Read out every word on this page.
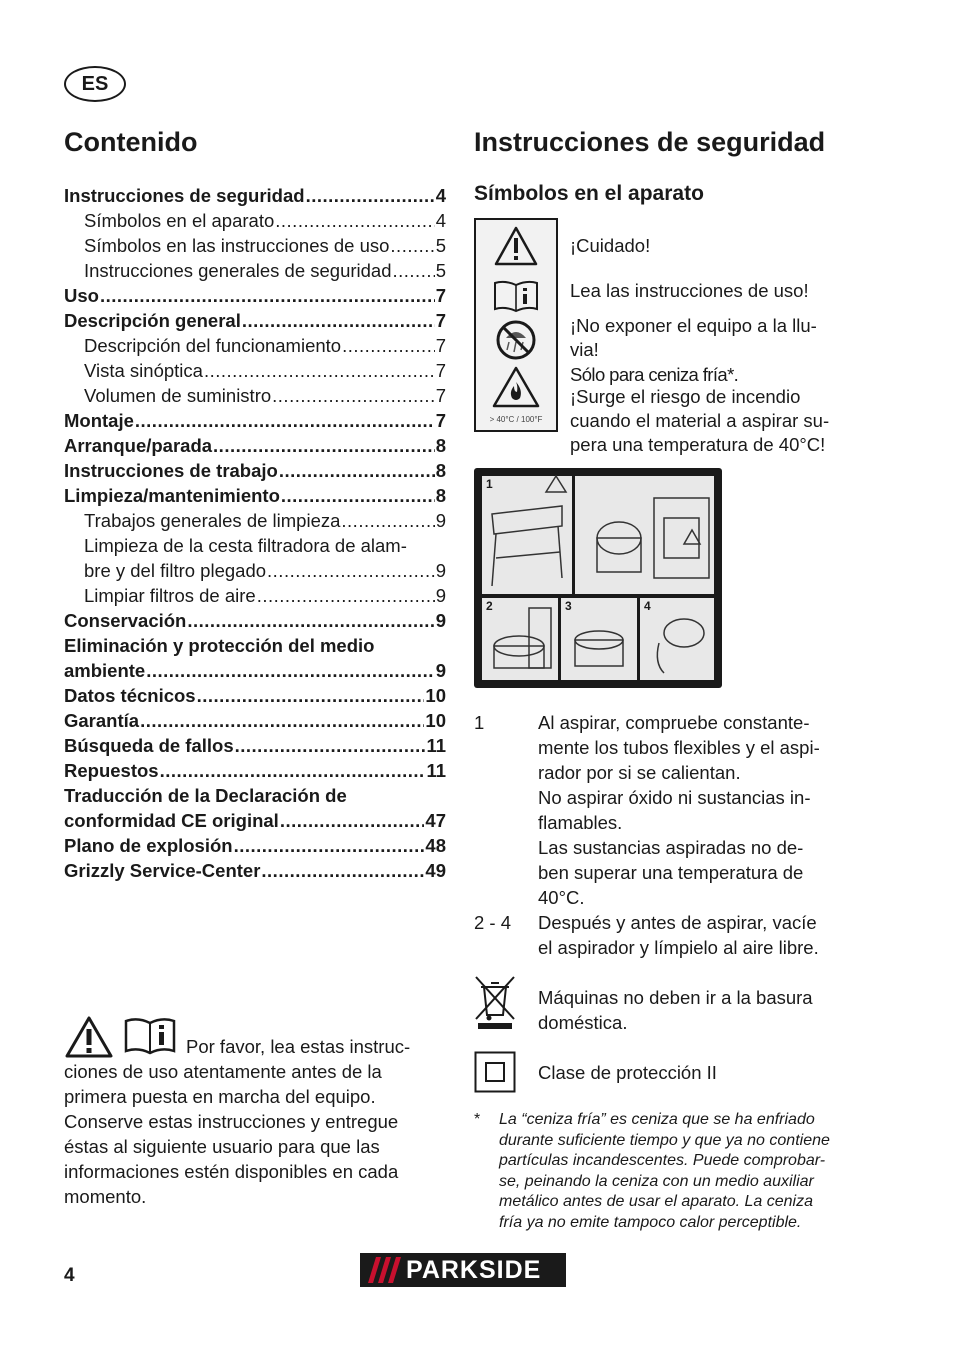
ES
Contenido
Instrucciones de seguridad .....	4
Símbolos en el aparato .....	4
Símbolos en las instrucciones de uso .....	5
Instrucciones generales de seguridad ..... 5
Uso .....	7
Descripción general .....	7
Descripción del funcionamiento .....	7
Vista sinóptica .....	7
Volumen de suministro .....	7
Montaje .....	7
Arranque/parada .....	8
Instrucciones de trabajo .....	8
Limpieza/mantenimiento .....	8
Trabajos generales de limpieza .....	9
Limpieza de la cesta filtradora de alam-
bre y del filtro plegado .....	9
Limpiar filtros de aire .....	9
Conservación .....	9
Eliminación y protección del medio
ambiente .....	9
Datos técnicos .....	10
Garantía .....	10
Búsqueda de fallos .....	11
Repuestos .....	11
Traducción de la Declaración de
conformidad CE original .....	47
Plano de explosión .....	48
Grizzly Service-Center .....	49
Por favor, lea estas instruc-
ciones de uso atentamente antes de la
primera puesta en marcha del equipo.
Conserve estas instrucciones y entregue
éstas al siguiente usuario para que las
informaciones estén disponibles en cada
momento.
Instrucciones de seguridad
Símbolos en el aparato
> 40°C / 100°F
¡Cuidado!
Lea las instrucciones de uso!
¡No exponer el equipo a la llu-
via!
Sólo para ceniza fría*.
¡Surge el riesgo de incendio
cuando el material a aspirar su-
pera una temperatura de 40°C!
1
2	3	4
1	Al aspirar, compruebe constante-
mente los tubos flexibles y el aspi-
rador por si se calientan.
No aspirar óxido ni sustancias in-
flamables.
Las sustancias aspiradas no de-
ben superar una temperatura de
40°C.
2 - 4 Después y antes de aspirar, vacíe
el aspirador y límpielo al aire libre.
Máquinas no deben ir a la basura
doméstica.
Clase de protección II
* La “ceniza fría” es ceniza que se ha enfriado
durante suficiente tiempo y que ya no contiene
partículas incandescentes. Puede comprobar-
se, peinando la ceniza con un medio auxiliar
metálico antes de usar el aparato. La ceniza
fría ya no emite tampoco calor perceptible.
4	PARKSIDE
